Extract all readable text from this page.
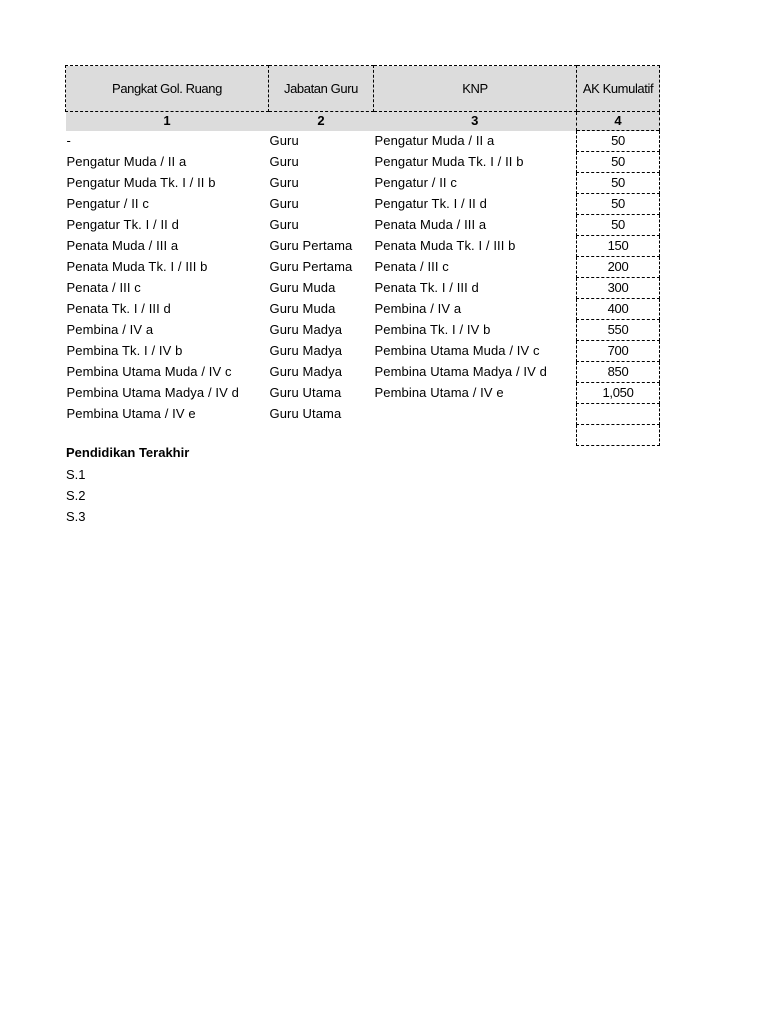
Pangkat Gol. Ruang	Jabatan Guru	KNP	AK Kumulatif
1	2	3	4
-	Guru	Pengatur Muda / II a	50
Pengatur Muda / II a	Guru	Pengatur Muda Tk. I / II b	50
Pengatur Muda Tk. I / II b	Guru	Pengatur / II c	50
Pengatur / II c	Guru	Pengatur Tk. I / II d	50
Pengatur Tk. I / II d	Guru	Penata Muda / III a	50
Penata Muda / III a	Guru Pertama	Penata Muda Tk. I / III b	150
Penata Muda Tk. I / III b	Guru Pertama	Penata / III c	200
Penata / III c	Guru Muda	Penata Tk. I / III d	300
Penata Tk. I / III d	Guru Muda	Pembina / IV a	400
Pembina / IV a	Guru Madya	Pembina Tk. I / IV b	550
Pembina Tk. I / IV b	Guru Madya	Pembina Utama Muda / IV c	700
Pembina Utama Muda / IV c	Guru Madya	Pembina Utama Madya / IV d	850
Pembina Utama Madya / IV d	Guru Utama	Pembina Utama / IV e	1,050
Pembina Utama / IV e	Guru Utama		

Pendidikan Terakhir
S.1
S.2
S.3
